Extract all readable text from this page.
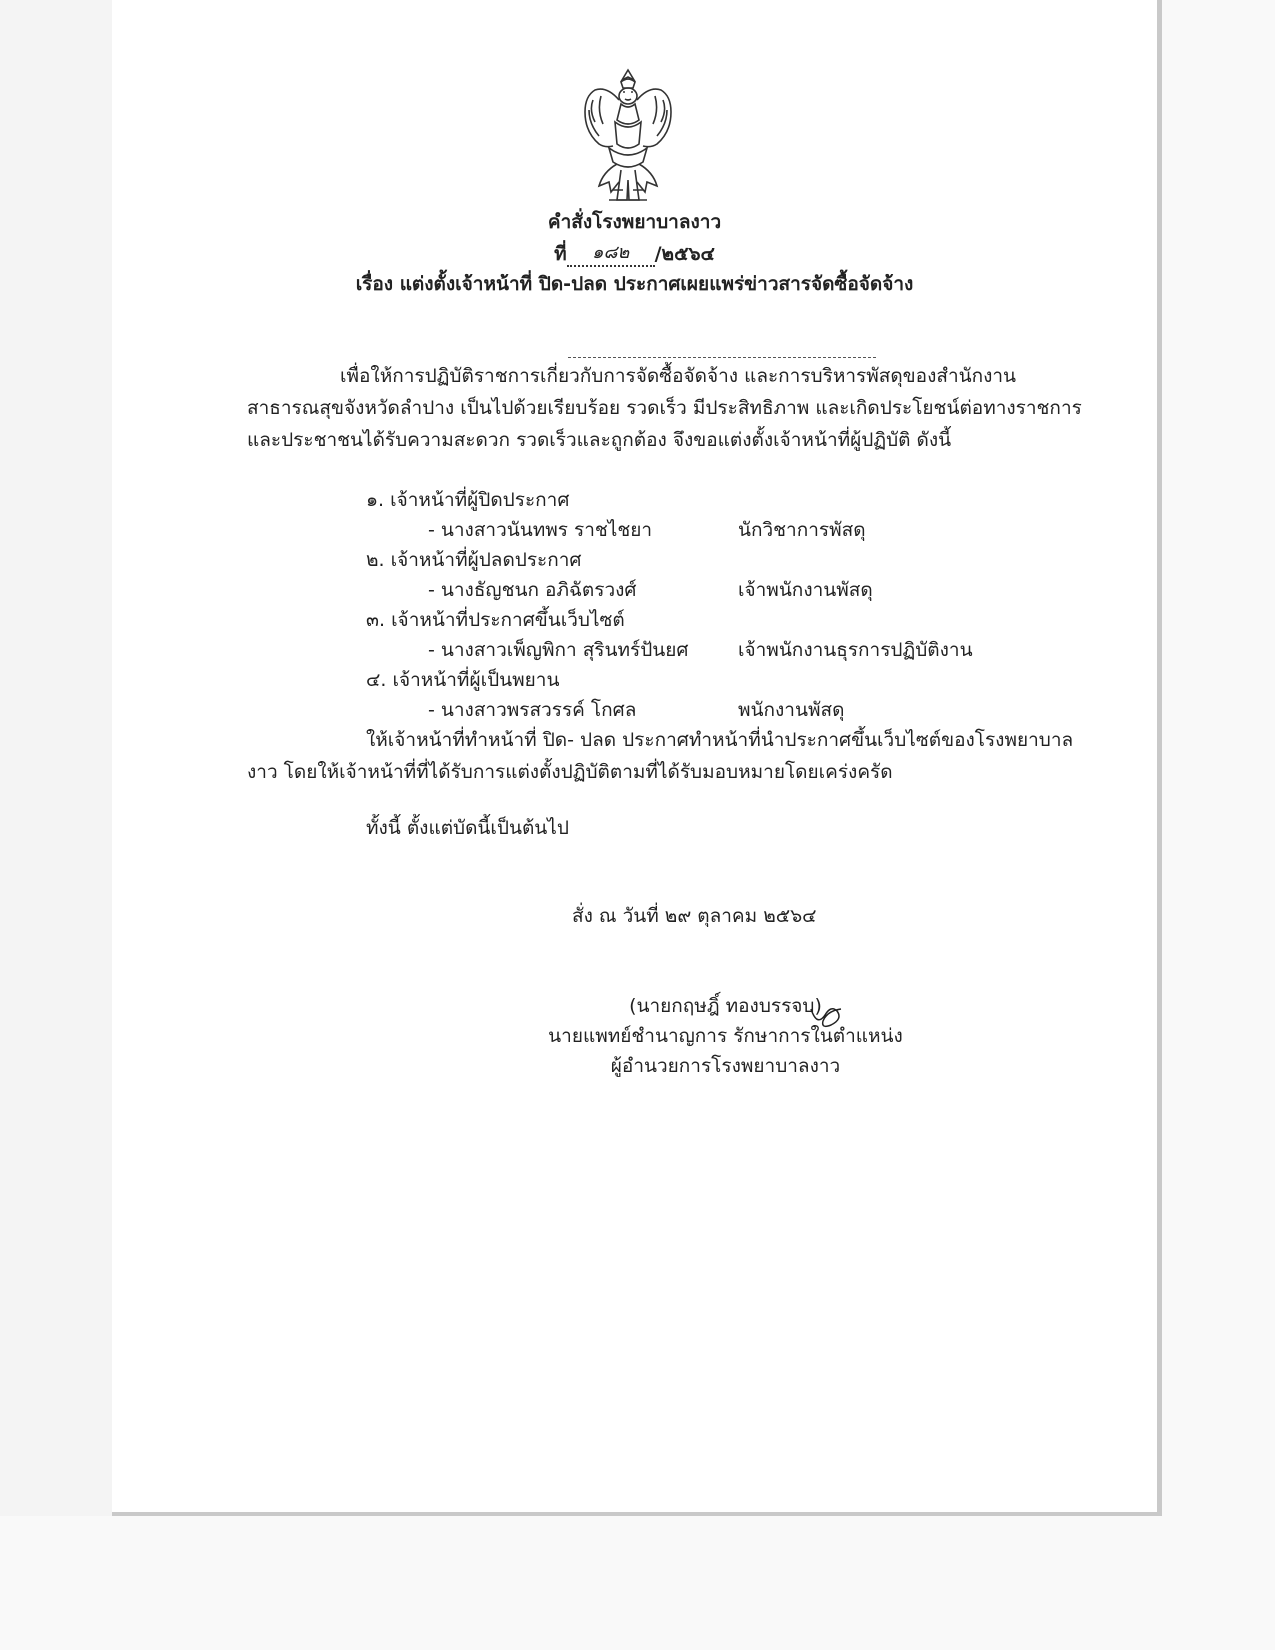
คำสั่งโรงพยาบาลงาว
ที่ ๑๘๒ /๒๕๖๔
เรื่อง แต่งตั้งเจ้าหน้าที่ ปิด-ปลด ประกาศเผยแพร่ข่าวสารจัดซื้อจัดจ้าง
เพื่อให้การปฏิบัติราชการเกี่ยวกับการจัดซื้อจัดจ้าง และการบริหารพัสดุของสำนักงาน
สาธารณสุขจังหวัดลำปาง เป็นไปด้วยเรียบร้อย รวดเร็ว มีประสิทธิภาพ และเกิดประโยชน์ต่อทางราชการ
และประชาชนได้รับความสะดวก รวดเร็วและถูกต้อง จึงขอแต่งตั้งเจ้าหน้าที่ผู้ปฏิบัติ ดังนี้
๑. เจ้าหน้าที่ผู้ปิดประกาศ
- นางสาวนันทพร ราชไชยา	นักวิชาการพัสดุ
๒. เจ้าหน้าที่ผู้ปลดประกาศ
- นางธัญชนก อภิฉัตรวงศ์	เจ้าพนักงานพัสดุ
๓. เจ้าหน้าที่ประกาศขึ้นเว็บไซต์
- นางสาวเพ็ญพิกา สุรินทร์ปันยศ	เจ้าพนักงานธุรการปฏิบัติงาน
๔. เจ้าหน้าที่ผู้เป็นพยาน
- นางสาวพรสวรรค์ โกศล	พนักงานพัสดุ
ให้เจ้าหน้าที่ทำหน้าที่ ปิด- ปลด ประกาศทำหน้าที่นำประกาศขึ้นเว็บไซต์ของโรงพยาบาล
งาว โดยให้เจ้าหน้าที่ที่ได้รับการแต่งตั้งปฏิบัติตามที่ได้รับมอบหมายโดยเคร่งครัด
ทั้งนี้ ตั้งแต่บัดนี้เป็นต้นไป
สั่ง ณ วันที่ ๒๙ ตุลาคม ๒๕๖๔
(นายกฤษฎิ์ ทองบรรจบ)
นายแพทย์ชำนาญการ รักษาการในตำแหน่ง
ผู้อำนวยการโรงพยาบาลงาว
